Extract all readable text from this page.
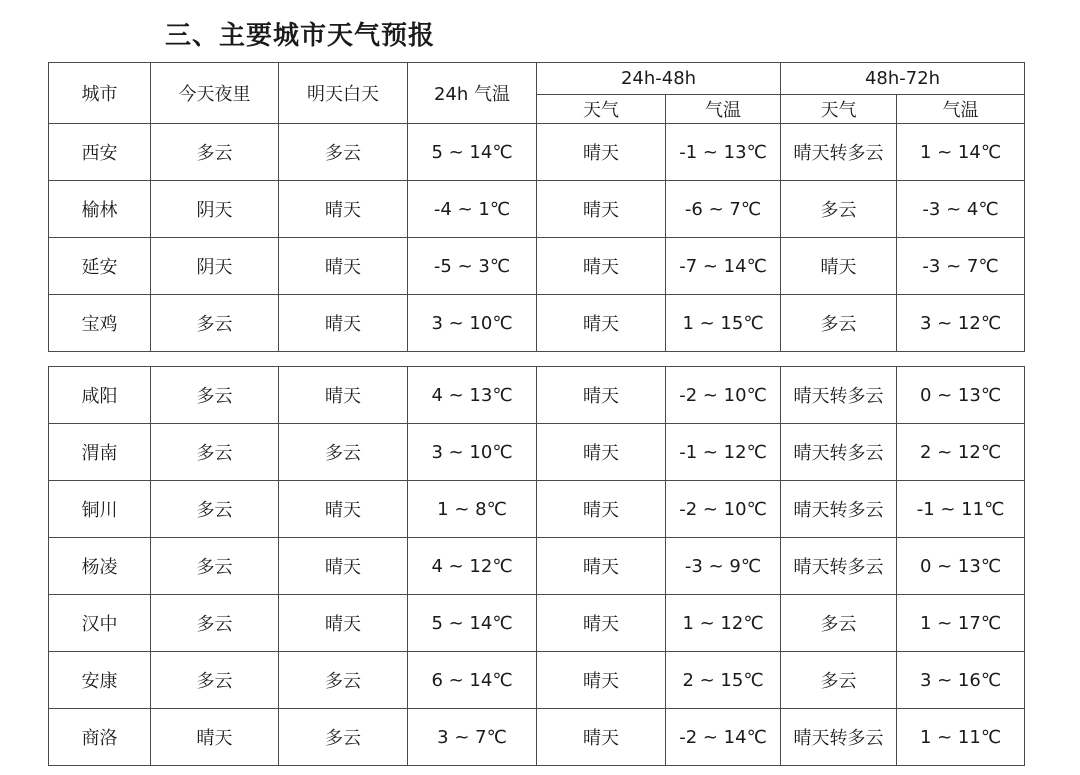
三、主要城市天气预报
城市	今天夜里	明天白天	24h 气温	24h-48h		48h-72h	
				天气	气温	天气	气温
西安	多云	多云	5 ~ 14℃	晴天	-1 ~ 13℃	晴天转多云	1 ~ 14℃
榆林	阴天	晴天	-4 ~ 1℃	晴天	-6 ~ 7℃	多云	-3 ~ 4℃
延安	阴天	晴天	-5 ~ 3℃	晴天	-7 ~ 14℃	晴天	-3 ~ 7℃
宝鸡	多云	晴天	3 ~ 10℃	晴天	1 ~ 15℃	多云	3 ~ 12℃
咸阳	多云	晴天	4 ~ 13℃	晴天	-2 ~ 10℃	晴天转多云	0 ~ 13℃
渭南	多云	多云	3 ~ 10℃	晴天	-1 ~ 12℃	晴天转多云	2 ~ 12℃
铜川	多云	晴天	1 ~ 8℃	晴天	-2 ~ 10℃	晴天转多云	-1 ~ 11℃
杨凌	多云	晴天	4 ~ 12℃	晴天	-3 ~ 9℃	晴天转多云	0 ~ 13℃
汉中	多云	晴天	5 ~ 14℃	晴天	1 ~ 12℃	多云	1 ~ 17℃
安康	多云	多云	6 ~ 14℃	晴天	2 ~ 15℃	多云	3 ~ 16℃
商洛	晴天	多云	3 ~ 7℃	晴天	-2 ~ 14℃	晴天转多云	1 ~ 11℃
